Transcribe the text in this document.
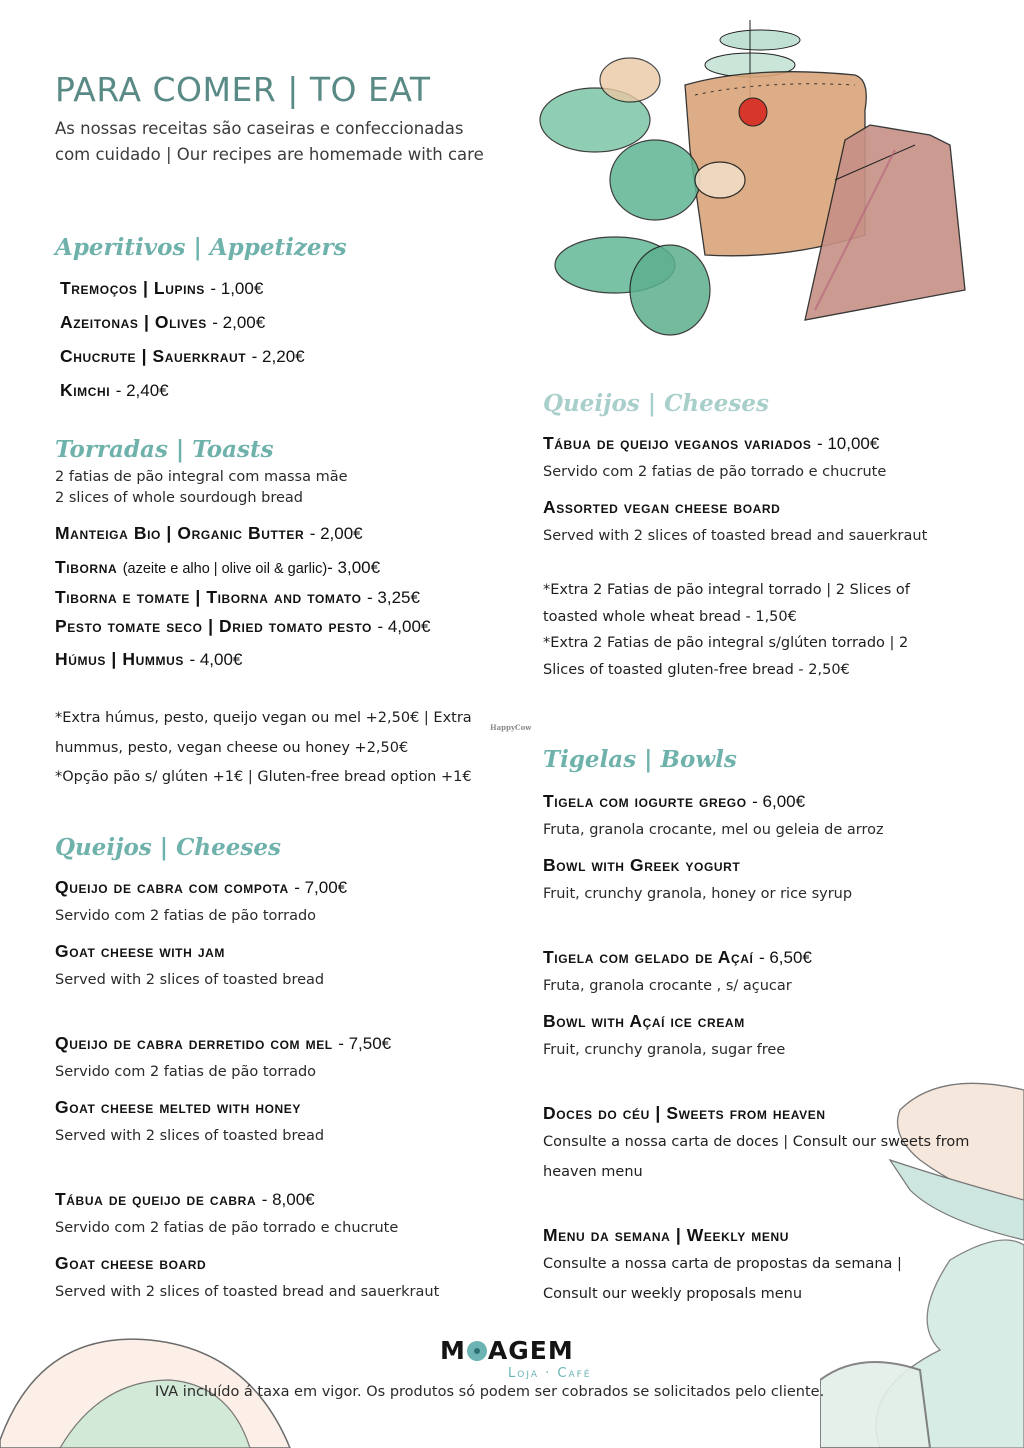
PARA COMER | TO EAT

As nossas receitas são caseiras e confeccionadas com cuidado | Our recipes are homemade with care

Aperitivos | Appetizers
Tremoços | Lupins - 1,00€
Azeitonas | Olives - 2,00€
Chucrute | Sauerkraut - 2,20€
Kimchi - 2,40€
Torradas | Toasts

2 fatias de pão integral com massa mãe

2 slices of whole sourdough bread

Manteiga Bio | Organic Butter - 2,00€
Tiborna (azeite e alho | olive oil & garlic)- 3,00€
Tiborna e tomate | Tiborna and tomato - 3,25€
Pesto tomate seco | Dried tomato pesto - 4,00€
Húmus | Hummus - 4,00€

*Extra húmus, pesto, queijo vegan ou mel +2,50€ | Extra hummus, pesto, vegan cheese ou honey +2,50€

*Opção pão s/ glúten +1€ | Gluten-free bread option +1€

HappyCow
Queijos | Cheeses
Queijo de cabra com compota - 7,00€

Servido com 2 fatias de pão torrado

Goat cheese with jam

Served with 2 slices of toasted bread

Queijo de cabra derretido com mel - 7,50€

Servido com 2 fatias de pão torrado

Goat cheese melted with honey

Served with 2 slices of toasted bread

Tábua de queijo de cabra - 8,00€

Servido com 2 fatias de pão torrado e chucrute

Goat cheese board

Served with 2 slices of toasted bread and sauerkraut

Queijos | Cheeses
Tábua de queijo veganos variados - 10,00€

Servido com 2 fatias de pão torrado e chucrute

Assorted vegan cheese board

Served with 2 slices of toasted bread and sauerkraut

*Extra 2 Fatias de pão integral torrado | 2 Slices of toasted whole wheat bread - 1,50€

*Extra 2 Fatias de pão integral s/glúten torrado | 2 Slices of toasted gluten-free bread - 2,50€

Tigelas | Bowls
Tigela com iogurte grego - 6,00€

Fruta, granola crocante, mel ou geleia de arroz

Bowl with Greek yogurt

Fruit, crunchy granola, honey or rice syrup

Tigela com gelado de Açaí - 6,50€

Fruta, granola crocante , s/ açucar

Bowl with Açaí ice cream

Fruit, crunchy granola, sugar free

Doces do céu | Sweets from heaven

Consulte a nossa carta de doces | Consult our sweets from heaven menu

Menu da semana | Weekly menu

Consulte a nossa carta de propostas da semana | Consult our weekly proposals menu

M AGEM
Loja · Café
IVA incluído á taxa em vigor. Os produtos só podem ser cobrados se solicitados pelo cliente.
